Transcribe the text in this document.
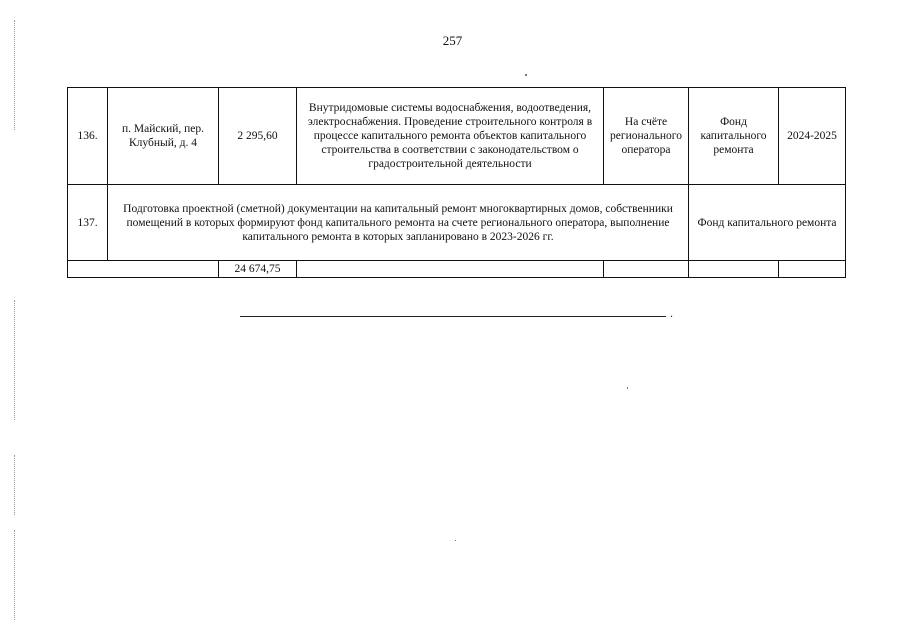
257
136.	п. Майский, пер. Клубный, д. 4	2 295,60	Внутридомовые системы водоснабжения, водоотведения, электроснабжения. Проведение строительного контроля в процессе капитального ремонта объектов капитального строительства в соответствии с законодательством о градостроительной деятельности	На счёте регионального оператора	Фонд капитального ремонта	2024-2025
137.	Подготовка проектной (сметной) документации на капитальный ремонт многоквартирных домов, собственники помещений в которых формируют фонд капитального ремонта на счете регионального оператора, выполнение капитального ремонта в которых запланировано в 2023-2026 гг.				Фонд капитального ремонта	
		24 674,75				
.
